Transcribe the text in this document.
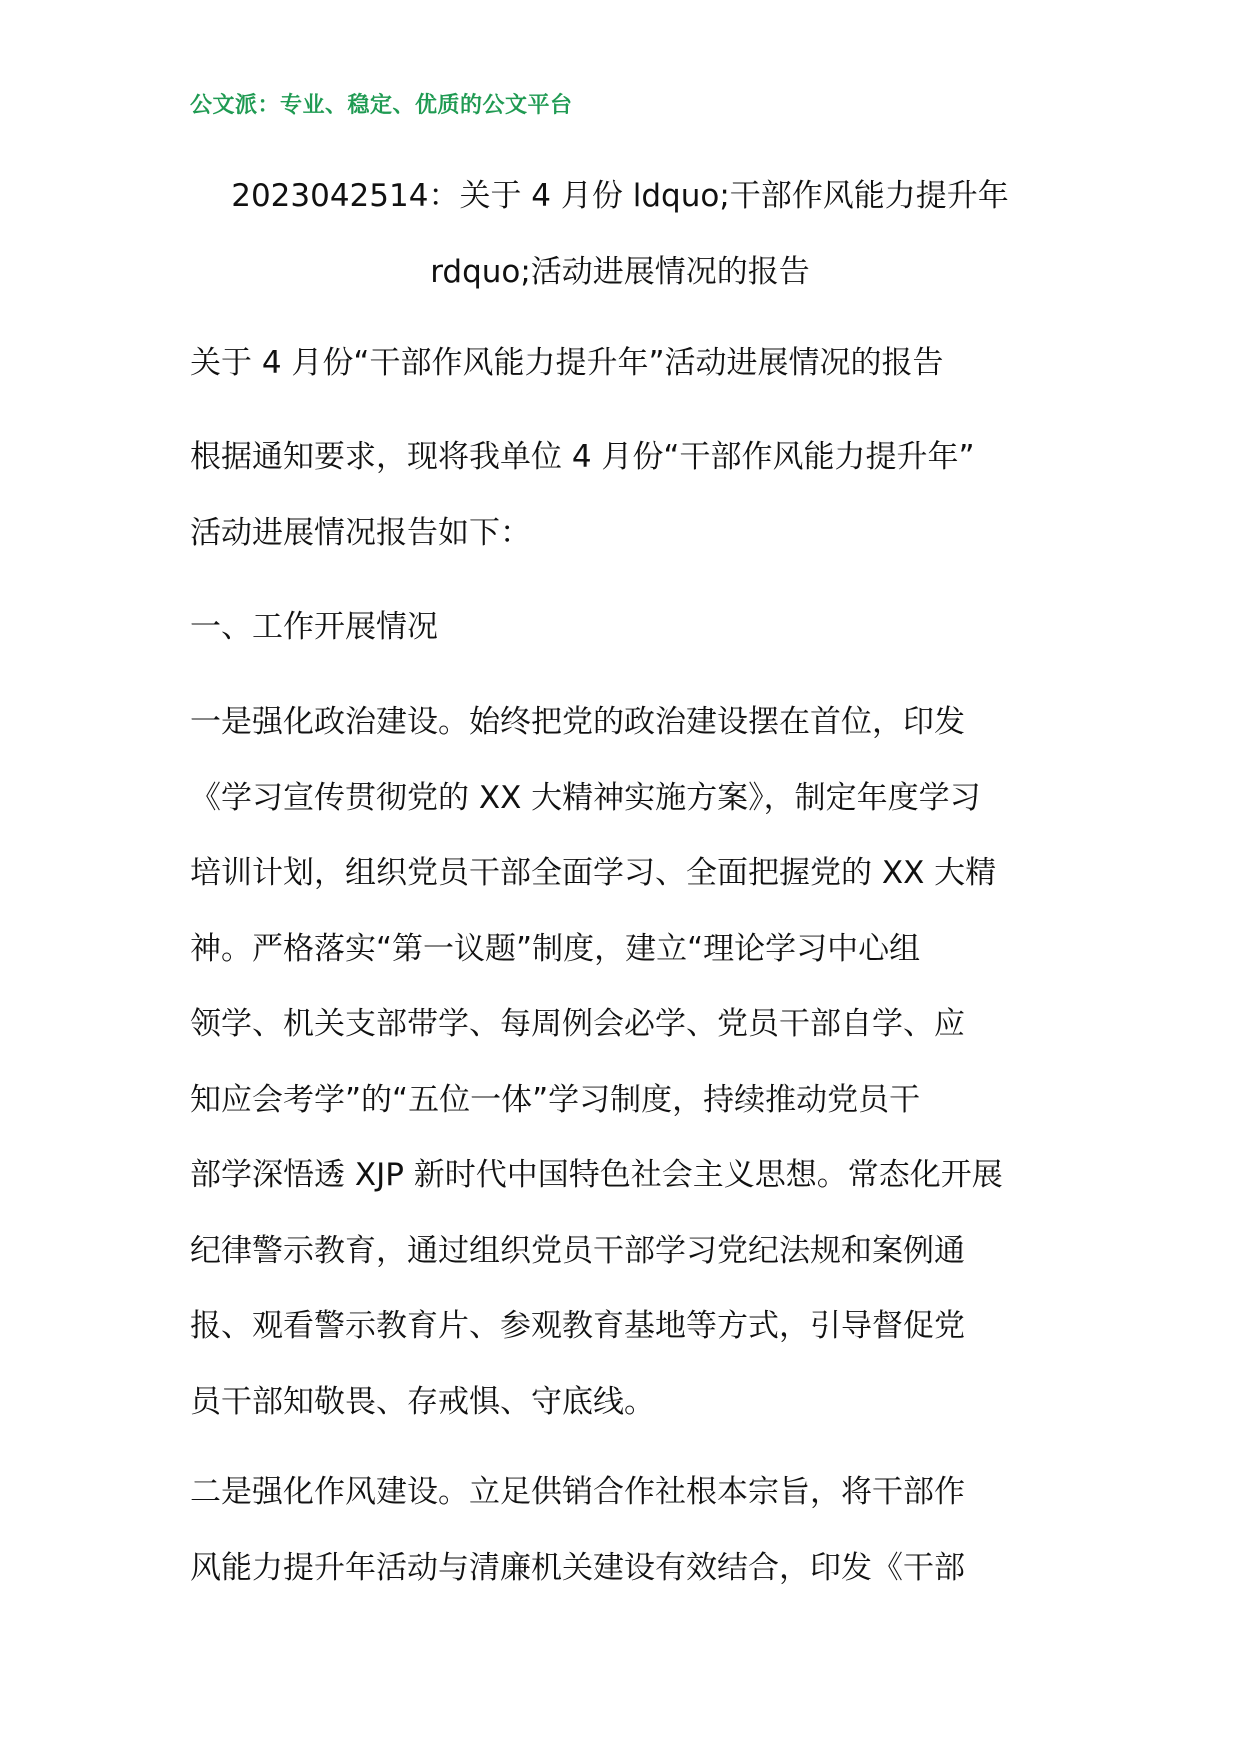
公文派：专业、稳定、优质的公文平台
2023042514：关于 4 月份 ldquo;干部作风能力提升年
rdquo;活动进展情况的报告
关于 4 月份“干部作风能力提升年”活动进展情况的报告
根据通知要求，现将我单位 4 月份“干部作风能力提升年”
活动进展情况报告如下：
一、工作开展情况
一是强化政治建设。始终把党的政治建设摆在首位，印发
《学习宣传贯彻党的 XX 大精神实施方案》，制定年度学习
培训计划，组织党员干部全面学习、全面把握党的 XX 大精
神。严格落实“第一议题”制度，建立“理论学习中心组
领学、机关支部带学、每周例会必学、党员干部自学、应
知应会考学”的“五位一体”学习制度，持续推动党员干
部学深悟透 XJP 新时代中国特色社会主义思想。常态化开展
纪律警示教育，通过组织党员干部学习党纪法规和案例通
报、观看警示教育片、参观教育基地等方式，引导督促党
员干部知敬畏、存戒惧、守底线。
二是强化作风建设。立足供销合作社根本宗旨，将干部作
风能力提升年活动与清廉机关建设有效结合，印发《干部
